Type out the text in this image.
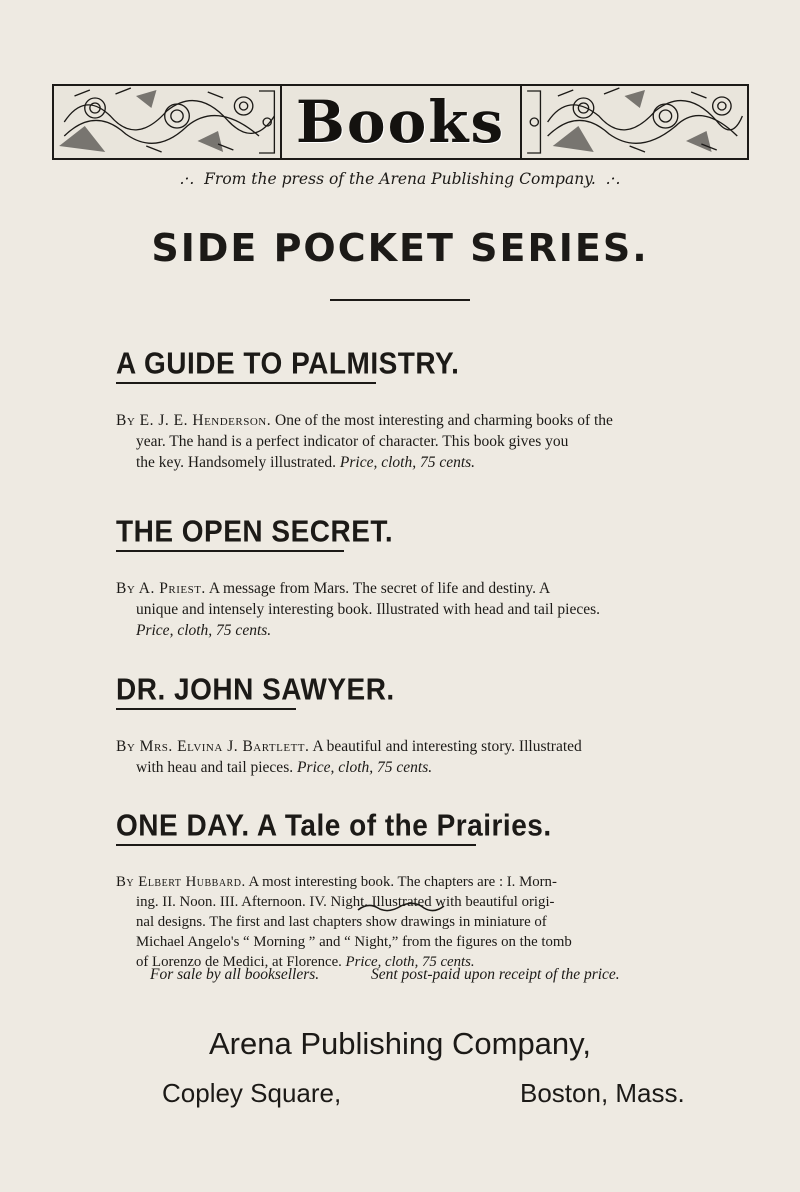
Books
.·. From the press of the Arena Publishing Company. .·.
SIDE POCKET SERIES.
A GUIDE TO PALMISTRY.
By E. J. E. Henderson. One of the most interesting and charming books of the
year. The hand is a perfect indicator of character. This book gives you
the key. Handsomely illustrated. Price, cloth, 75 cents.
THE OPEN SECRET.
By A. Priest. A message from Mars. The secret of life and destiny. A
unique and intensely interesting book. Illustrated with head and tail pieces.
Price, cloth, 75 cents.
DR. JOHN SAWYER.
By Mrs. Elvina J. Bartlett. A beautiful and interesting story. Illustrated
with heau and tail pieces. Price, cloth, 75 cents.
ONE DAY. A Tale of the Prairies.
By Elbert Hubbard. A most interesting book. The chapters are : I. Morn-
ing. II. Noon. III. Afternoon. IV. Night. Illustrated with beautiful origi-
nal designs. The first and last chapters show drawings in miniature of
Michael Angelo's “ Morning ” and “ Night,” from the figures on the tomb
of Lorenzo de Medici, at Florence. Price, cloth, 75 cents.
For sale by all booksellers.	Sent post-paid upon receipt of the price.
Arena Publishing Company,
Copley Square,	Boston, Mass.
